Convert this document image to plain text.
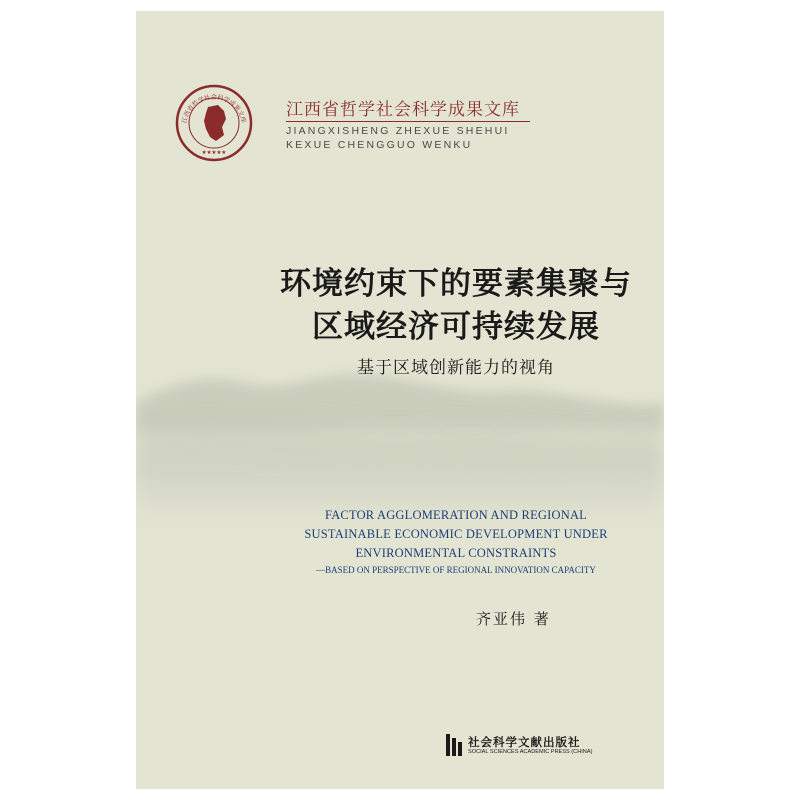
江西省哲学社会科学成果文库
★★★★★
江西省哲学社会科学成果文库
JIANGXISHENG ZHEXUE SHEHUI
KEXUE CHENGGUO WENKU
环境约束下的要素集聚与
区域经济可持续发展
基于区域创新能力的视角
FACTOR AGGLOMERATION AND REGIONAL
SUSTAINABLE ECONOMIC DEVELOPMENT UNDER
ENVIRONMENTAL CONSTRAINTS
—BASED ON PERSPECTIVE OF REGIONAL INNOVATION CAPACITY
齐亚伟 著
社会科学文献出版社
SOCIAL SCIENCES ACADEMIC PRESS (CHINA)
